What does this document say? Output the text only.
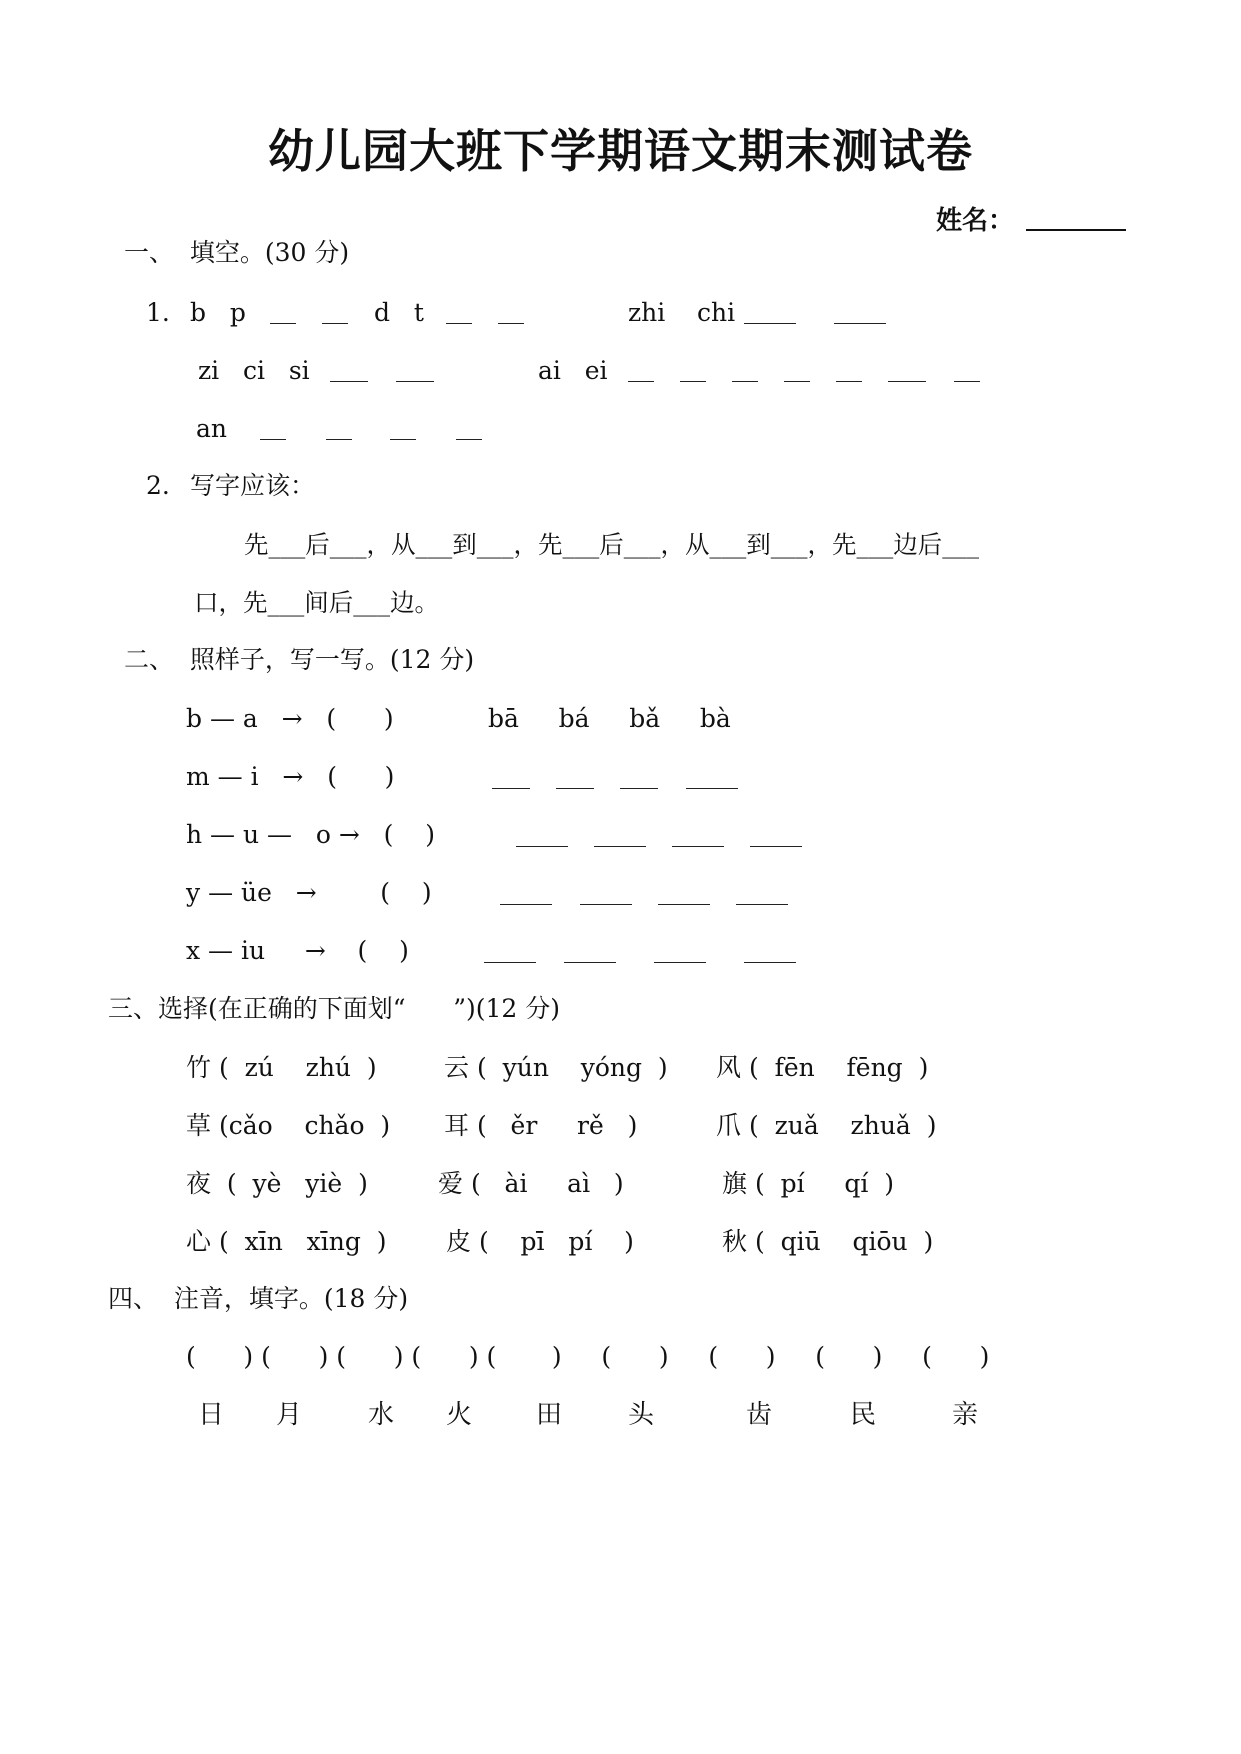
幼儿园大班下学期语文期末测试卷
姓名：
一、  填空。(30 分)
1. b   p	d   t	zhi    chi
zi   ci   si	ai   ei
an
2. 写字应该：
先___后___，从___到___，先___后___，从___到___，先___边后___
口，先___间后___边。
二、  照样子，写一写。(12 分)
b — a   →   (      )	bā     bá     bǎ     bà
m — i   →   (      )
h — u —   o →   (    )
y — üe   →        (    )
x — iu     →    (    )
三、选择(在正确的下面划“      ”)(12 分)
竹 (  zú    zhú  )	云 (  yún    yóng  ) 风 (  fēn    fēng  )
草 (cǎo    chǎo  ) 耳 (   ěr     rě   )	爪 (  zuǎ    zhuǎ  )
夜  (  yè   yiè  )	爱 (   ài     aì   )	旗 (  pí     qí  )
心 (  xīn   xīng  ) 皮 (    pī   pí    )	秋 (  qiū    qiōu  )
四、  注音，填字。(18 分)
(      ) (      ) (      ) (      ) (       )     (      )     (      )     (      )     (      )
日 月	水 火 田	头	齿	民	亲
